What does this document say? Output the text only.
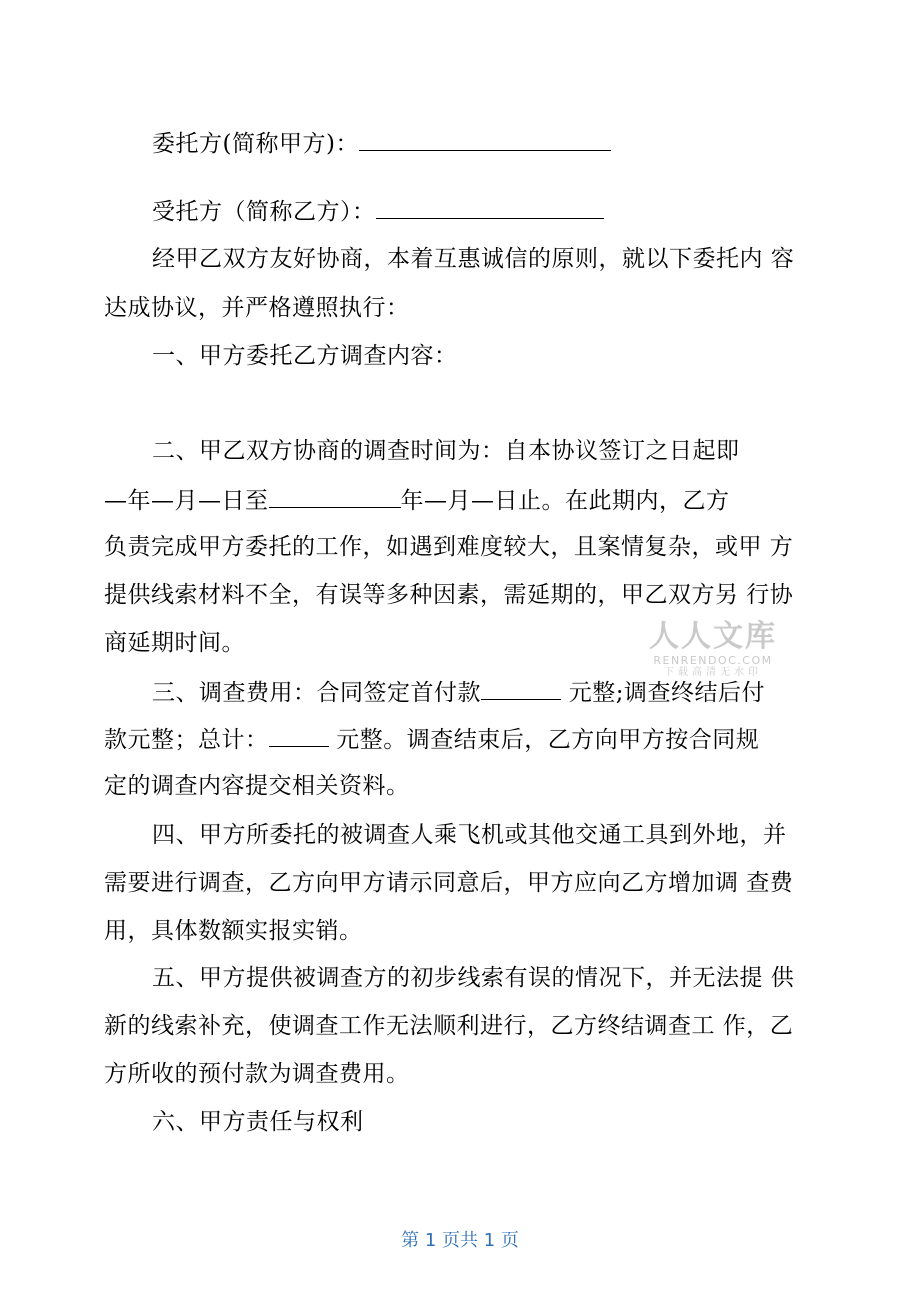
委托方(简称甲方)：
受托方（简称乙方）：
经甲乙双方友好协商，本着互惠诚信的原则，就以下委托内 容
达成协议，并严格遵照执行：
一、甲方委托乙方调查内容：
二、甲乙双方协商的调查时间为：自本协议签订之日起即
—年—月—日至	年—月—日止。在此期内，乙方
负责完成甲方委托的工作，如遇到难度较大，且案情复杂，或甲 方
提供线索材料不全，有误等多种因素，需延期的，甲乙双方另 行协
商延期时间。
三、调查费用：合同签定首付款	元整;调查终结后付
款元整；总计：	元整。调查结束后，乙方向甲方按合同规
定的调查内容提交相关资料。
四、甲方所委托的被调查人乘飞机或其他交通工具到外地，并
需要进行调查，乙方向甲方请示同意后，甲方应向乙方增加调 查费
用，具体数额实报实销。
五、甲方提供被调查方的初步线索有误的情况下，并无法提 供
新的线索补充，使调查工作无法顺利进行，乙方终结调查工 作，乙
方所收的预付款为调查费用。
六、甲方责任与权利
人人文库
RENRENDOC.COM
下载高清无水印
第 1 页共 1 页
